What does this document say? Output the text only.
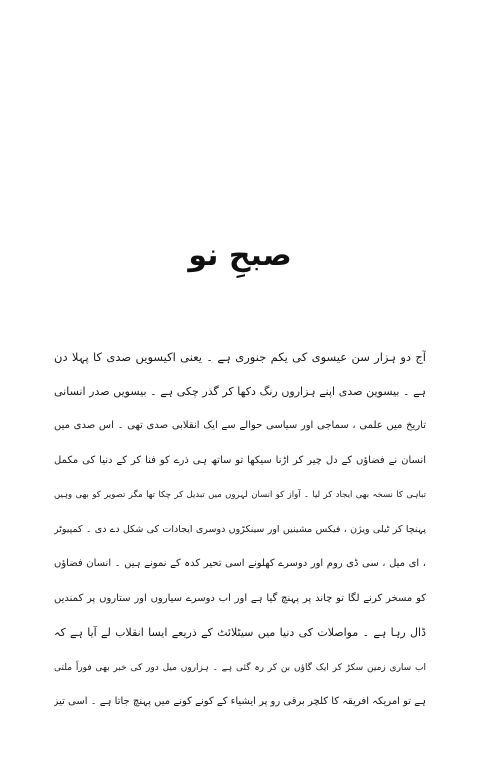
صبحِ نو
آج دو ہزار سن عیسوی کی یکم جنوری ہے ۔ یعنی اکیسویں صدی کا پہلا دن
ہے ۔ بیسوین صدی اپنے ہزاروں رنگ دکھا کر گذر چکی ہے ۔ بیسویں صدر انسانی
تاریخ میں علمی ، سماجی اور سیاسی حوالے سے ایک انقلابی صدی تھی ۔ اس صدی میں
انسان نے فضاؤں کے دل چیر کر اڑنا سیکھا تو ساتھ ہی ذرے کو فنا کر کے دنیا کی مکمل
تباہی کا نسخہ بھی ایجاد کر لیا ۔ آواز کو انسان لہروں میں تبدیل کر چکا تھا مگر تصویر کو بھی وہیں
پہنچا کر ٹیلی ویژن ، فیکس مشینیں اور سینکڑوں دوسری ایجادات کی شکل دے دی ۔ کمپیوٹر
، ای میل ، سی ڈی روم اور دوسرے کھلونے اسی تحیر کدہ کے نمونے ہیں ۔ انسان فضاؤں
کو مسخر کرنے لگا تو چاند پر پہنچ گیا ہے اور اب دوسرے سیاروں اور ستاروں پر کمندیں
ڈال رہا ہے ۔ مواصلات کی دنیا میں سیٹلائٹ کے ذریعے ایسا انقلاب لے آیا ہے کہ
اب ساری زمین سکڑ کر ایک گاؤں بن کر رہ گئی ہے ۔ ہزاروں میل دور کی خبر بھی فوراً ملتی
ہے تو امریکہ افریقہ کا کلچر برقی رو پر ایشیاء کے کونے کونے میں پہنچ جاتا ہے ۔ اسی تیز
